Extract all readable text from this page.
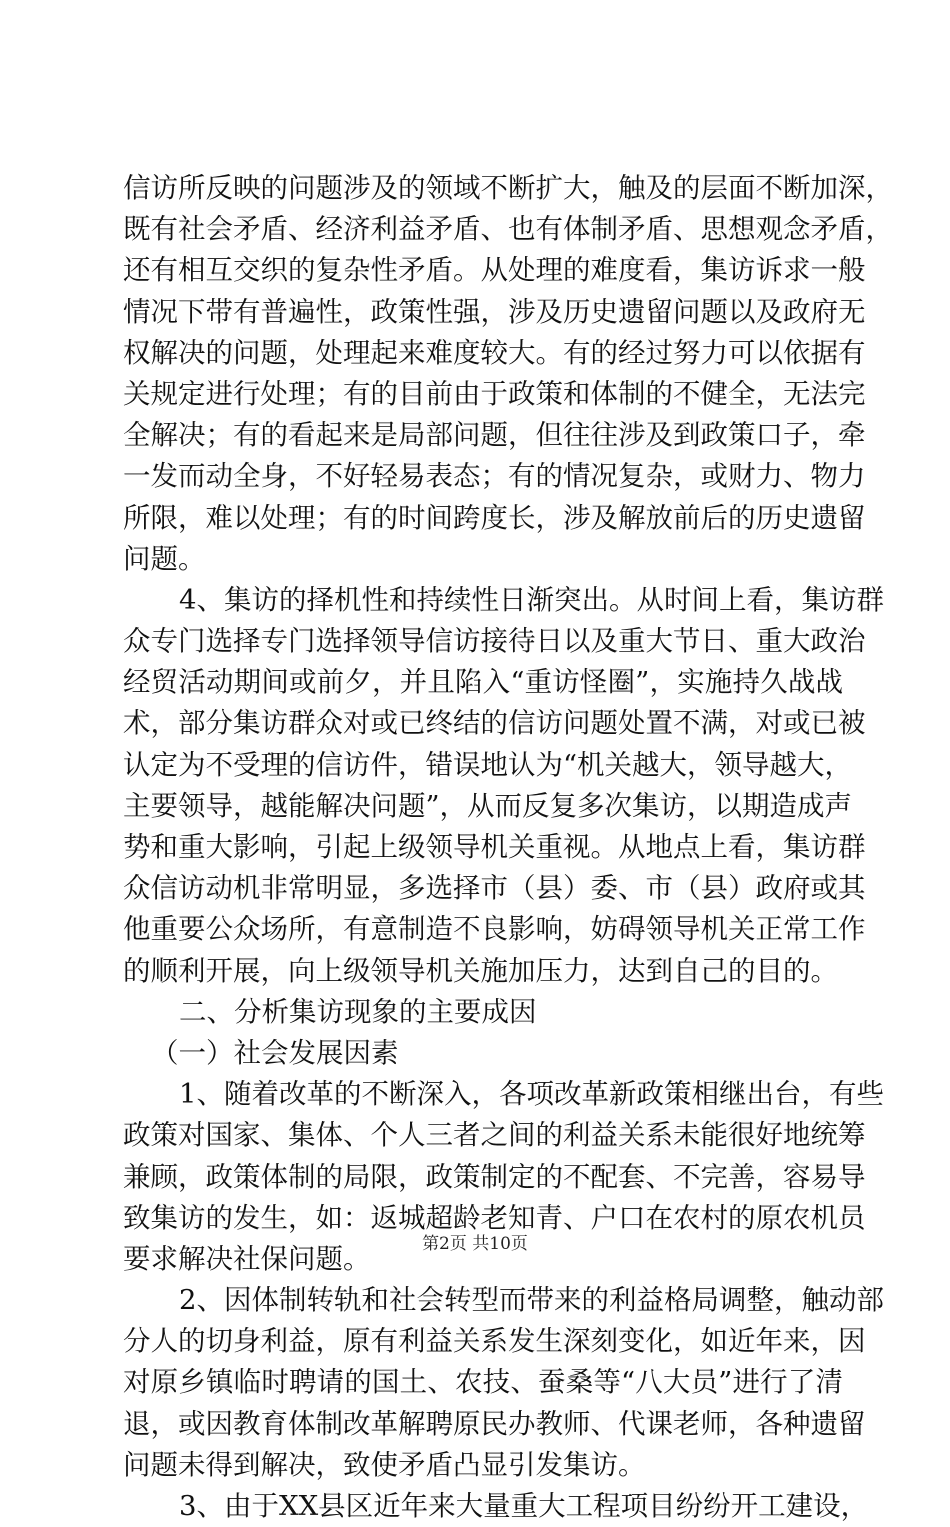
信访所反映的问题涉及的领域不断扩大，触及的层面不断加深，
既有社会矛盾、经济利益矛盾、也有体制矛盾、思想观念矛盾，
还有相互交织的复杂性矛盾。从处理的难度看，集访诉求一般
情况下带有普遍性，政策性强，涉及历史遗留问题以及政府无
权解决的问题，处理起来难度较大。有的经过努力可以依据有
关规定进行处理；有的目前由于政策和体制的不健全，无法完
全解决；有的看起来是局部问题，但往往涉及到政策口子，牵
一发而动全身，不好轻易表态；有的情况复杂，或财力、物力
所限，难以处理；有的时间跨度长，涉及解放前后的历史遗留
问题。
4、集访的择机性和持续性日渐突出。从时间上看，集访群
众专门选择专门选择领导信访接待日以及重大节日、重大政治
经贸活动期间或前夕，并且陷入“重访怪圈”，实施持久战战
术，部分集访群众对或已终结的信访问题处置不满，对或已被
认定为不受理的信访件，错误地认为“机关越大，领导越大，
主要领导，越能解决问题”，从而反复多次集访，以期造成声
势和重大影响，引起上级领导机关重视。从地点上看，集访群
众信访动机非常明显，多选择市（县）委、市（县）政府或其
他重要公众场所，有意制造不良影响，妨碍领导机关正常工作
的顺利开展，向上级领导机关施加压力，达到自己的目的。
二、分析集访现象的主要成因
（一）社会发展因素
1、随着改革的不断深入，各项改革新政策相继出台，有些
政策对国家、集体、个人三者之间的利益关系未能很好地统筹
兼顾，政策体制的局限，政策制定的不配套、不完善，容易导
致集访的发生，如：返城超龄老知青、户口在农村的原农机员
要求解决社保问题。
2、因体制转轨和社会转型而带来的利益格局调整，触动部
分人的切身利益，原有利益关系发生深刻变化，如近年来，因
对原乡镇临时聘请的国土、农技、蚕桑等“八大员”进行了清
退，或因教育体制改革解聘原民办教师、代课老师，各种遗留
问题未得到解决，致使矛盾凸显引发集访。
3、由于XX县区近年来大量重大工程项目纷纷开工建设，
第2页 共10页
